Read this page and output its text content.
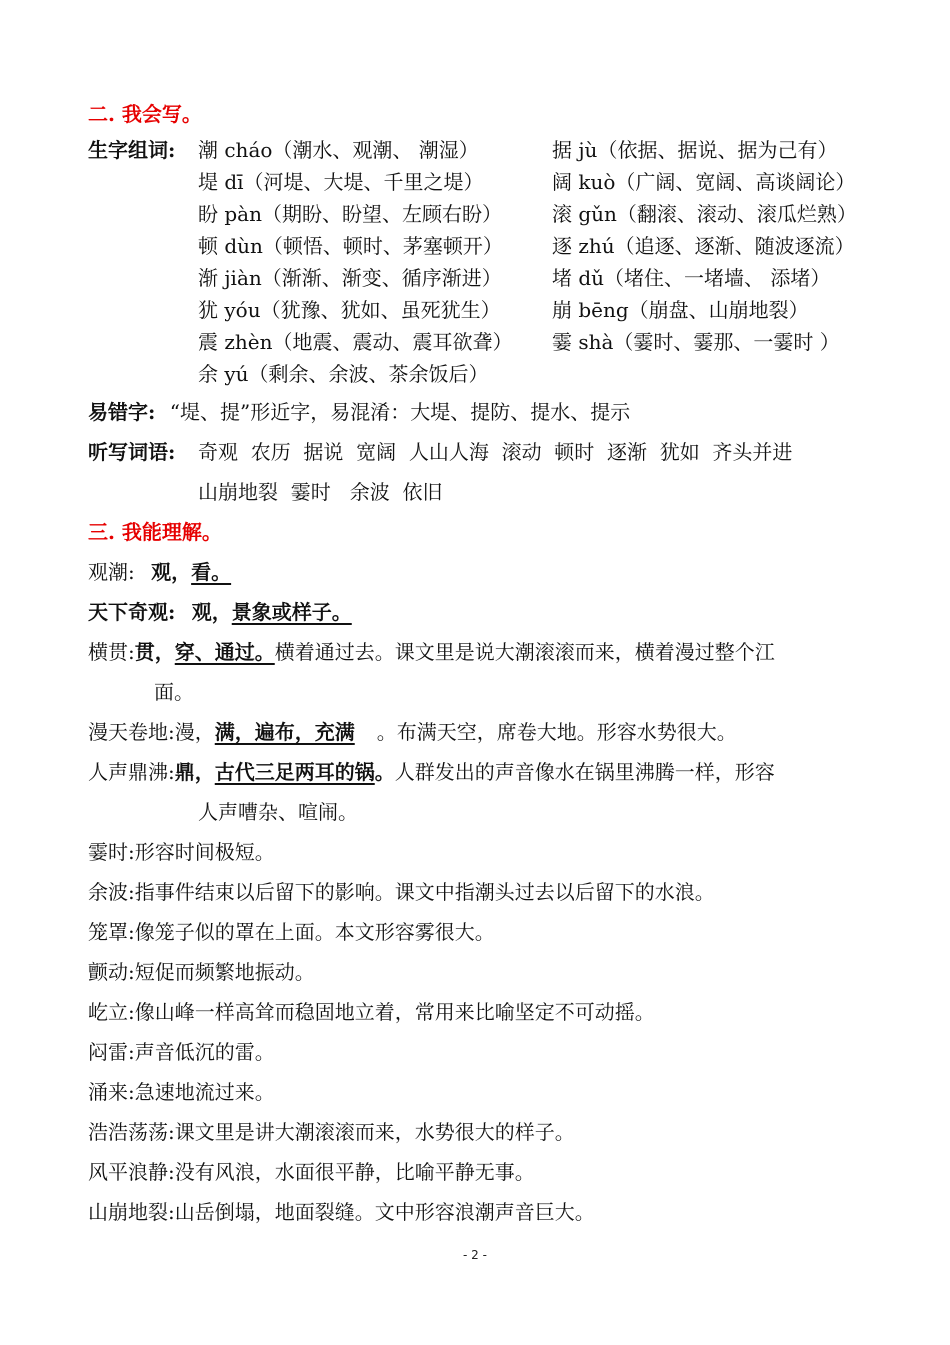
二. 我会写。
生字组词: 潮 cháo（潮水、观潮、 潮湿）
堤 dī（河堤、大堤、千里之堤）
盼 pàn（期盼、盼望、左顾右盼）
顿 dùn（顿悟、顿时、茅塞顿开）
渐 jiàn（渐渐、渐变、循序渐进）
犹 yóu（犹豫、犹如、虽死犹生）
震 zhèn（地震、震动、震耳欲聋）
余 yú（剩余、余波、茶余饭后）
据 jù（依据、据说、据为己有）
阔 kuò（广阔、宽阔、高谈阔论）
滚 gǔn（翻滚、滚动、滚瓜烂熟）
逐 zhú（追逐、逐渐、随波逐流）
堵 dǔ（堵住、一堵墙、 添堵）
崩 bēng（崩盘、山崩地裂）
霎 shà（霎时、霎那、一霎时 ）
易错字: “堤、提”形近字，易混淆：大堤、提防、提水、提示
听写词语: 奇观  农历  据说  宽阔  人山人海  滚动  顿时  逐渐  犹如  齐头并进
山崩地裂  霎时   余波  依旧
三. 我能理解。
观潮: 观，看。
天下奇观: 观，景象或样子。
横贯:贯，穿、通过。横着通过去。课文里是说大潮滚滚而来，横着漫过整个江
面。
漫天卷地:漫，满，遍布，充满 。布满天空，席卷大地。形容水势很大。
人声鼎沸:鼎，古代三足两耳的锅。人群发出的声音像水在锅里沸腾一样，形容
人声嘈杂、喧闹。
霎时:形容时间极短。
余波:指事件结束以后留下的影响。课文中指潮头过去以后留下的水浪。
笼罩:像笼子似的罩在上面。本文形容雾很大。
颤动:短促而频繁地振动。
屹立:像山峰一样高耸而稳固地立着，常用来比喻坚定不可动摇。
闷雷:声音低沉的雷。
涌来:急速地流过来。
浩浩荡荡:课文里是讲大潮滚滚而来，水势很大的样子。
风平浪静:没有风浪，水面很平静，比喻平静无事。
山崩地裂:山岳倒塌，地面裂缝。文中形容浪潮声音巨大。
- 2 -
